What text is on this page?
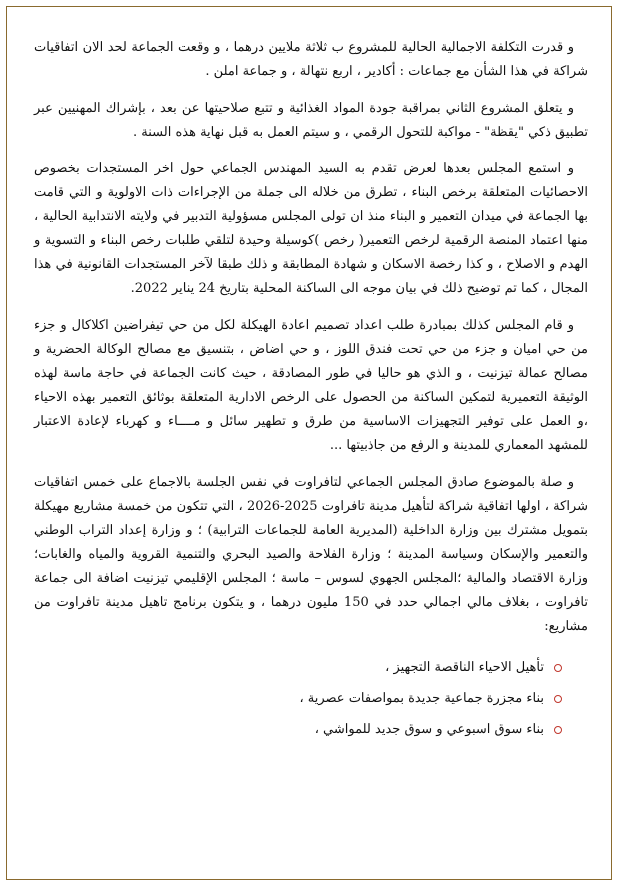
و قدرت التكلفة الاجمالية الحالية للمشروع ب ثلاثة ملايين درهما ، و وقعت الجماعة لحد الان اتفاقيات شراكة في هذا الشأن مع جماعات : أكادير ، اربع نتهالة ، و جماعة املن .

و يتعلق المشروع الثاني بمراقبة جودة المواد الغذائية و تتبع صلاحيتها عن بعد ، بإشراك المهنيين عبر تطبيق ذكي "يقظة" - مواكبة للتحول الرقمي ، و سيتم العمل به قبل نهاية هذه السنة .

و استمع المجلس بعدها لعرض تقدم به السيد المهندس الجماعي حول اخر المستجدات بخصوص الاحصائيات المتعلقة برخص البناء ، تطرق من خلاله الى جملة من الإجراءات ذات الاولوية و التي قامت بها الجماعة في ميدان التعمير و البناء منذ ان تولى المجلس مسؤولية التدبير في ولايته الانتدابية الحالية ، منها اعتماد المنصة الرقمية لرخص التعمير( رخص )كوسيلة وحيدة لتلقي طلبات رخص البناء و التسوية و الهدم و الاصلاح ، و كذا رخصة الاسكان و شهادة المطابقة و ذلك طبقا لآخر المستجدات القانونية في هذا المجال ، كما تم توضيح ذلك في بيان موجه الى الساكنة المحلية بتاريخ 24 يناير 2022.

و قام المجلس كذلك بمبادرة طلب اعداد تصميم اعادة الهيكلة لكل من حي تيفراضين اكلاكال و جزء من حي اميان و جزء من حي تحت فندق اللوز ، و حي اضاض ، بتنسيق مع مصالح الوكالة الحضرية و مصالح عمالة تيزنيت ، و الذي هو حاليا في طور المصادقة ، حيث كانت الجماعة في حاجة ماسة لهذه الوثيقة التعميرية لتمكين الساكنة من الحصول على الرخص الادارية المتعلقة بوثائق التعمير بهذه الاحياء ،و العمل على توفير التجهيزات الاساسية من طرق و تطهير سائل و مــــاء و كهرباء لإعادة الاعتبار للمشهد المعماري للمدينة و الرفع من جاذبيتها ...

و صلة بالموضوع صادق المجلس الجماعي لتافراوت في نفس الجلسة بالاجماع على خمس اتفاقيات شراكة ، اولها اتفاقية شراكة لتأهيل مدينة تافراوت 2025-2026 ، التي تتكون من خمسة مشاريع مهيكلة بتمويل مشترك بين وزارة الداخلية (المديرية العامة للجماعات الترابية) ؛ و وزارة إعداد التراب الوطني والتعمير والإسكان وسياسة المدينة ؛ وزارة الفلاحة والصيد البحري والتنمية القروية والمياه والغابات؛وزارة الاقتصاد والمالية ؛المجلس الجهوي لسوس – ماسة ؛ المجلس الإقليمي تيزنيت اضافة الى جماعة تافراوت ، بغلاف مالي اجمالي حدد في 150 مليون درهما ، و يتكون برنامج تاهيل مدينة تافراوت من مشاريع:

تأهيل الاحياء الناقصة التجهيز ،
بناء مجزرة جماعية جديدة بمواصفات عصرية ،
بناء سوق اسبوعي و سوق جديد للمواشي ،
